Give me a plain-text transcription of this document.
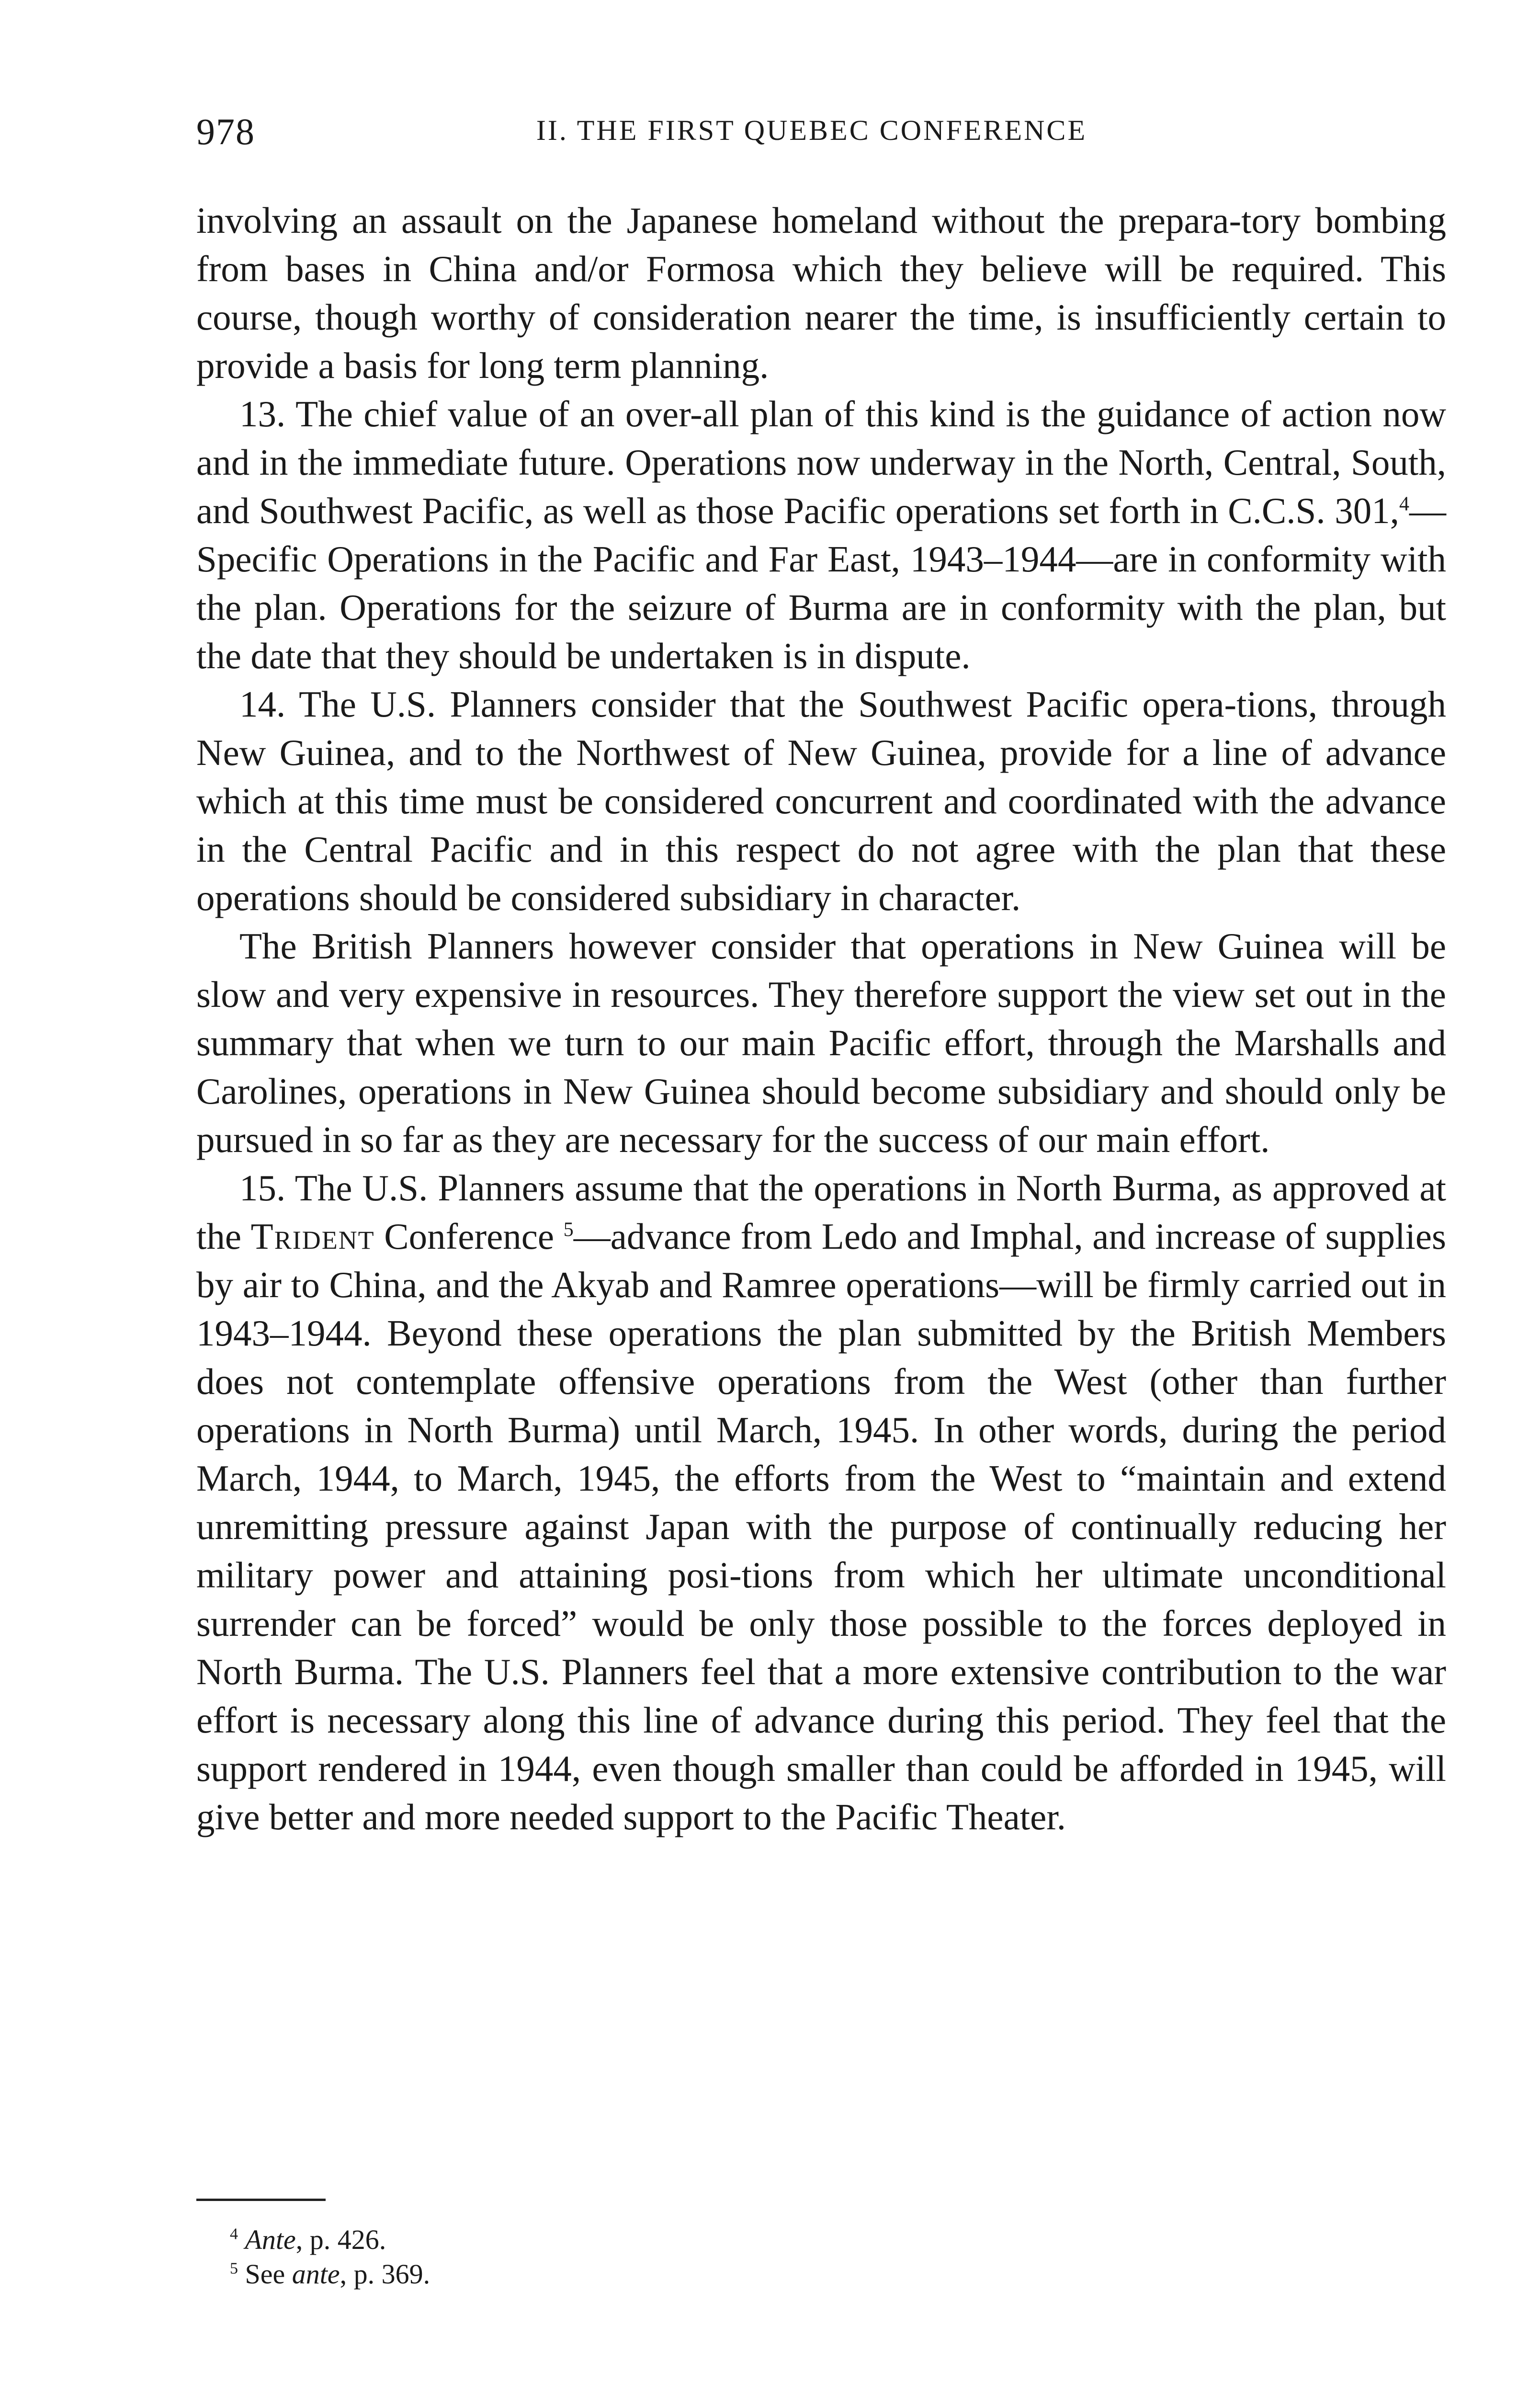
978	II. THE FIRST QUEBEC CONFERENCE

involving an assault on the Japanese homeland without the prepara-tory bombing from bases in China and/or Formosa which they believe will be required. This course, though worthy of consideration nearer the time, is insufficiently certain to provide a basis for long term planning.

13. The chief value of an over-all plan of this kind is the guidance of action now and in the immediate future. Operations now underway in the North, Central, South, and Southwest Pacific, as well as those Pacific operations set forth in C.C.S. 301,$^4$—Specific Operations in the Pacific and Far East, 1943–1944—are in conformity with the plan. Operations for the seizure of Burma are in conformity with the plan, but the date that they should be undertaken is in dispute.

14. The U.S. Planners consider that the Southwest Pacific opera-tions, through New Guinea, and to the Northwest of New Guinea, provide for a line of advance which at this time must be considered concurrent and coordinated with the advance in the Central Pacific and in this respect do not agree with the plan that these operations should be considered subsidiary in character.

The British Planners however consider that operations in New Guinea will be slow and very expensive in resources. They therefore support the view set out in the summary that when we turn to our main Pacific effort, through the Marshalls and Carolines, operations in New Guinea should become subsidiary and should only be pursued in so far as they are necessary for the success of our main effort.

15. The U.S. Planners assume that the operations in North Burma, as approved at the Trident Conference $^5$—advance from Ledo and Imphal, and increase of supplies by air to China, and the Akyab and Ramree operations—will be firmly carried out in 1943–1944. Beyond these operations the plan submitted by the British Members does not contemplate offensive operations from the West (other than further operations in North Burma) until March, 1945. In other words, during the period March, 1944, to March, 1945, the efforts from the West to “maintain and extend unremitting pressure against Japan with the purpose of continually reducing her military power and attaining posi-tions from which her ultimate unconditional surrender can be forced” would be only those possible to the forces deployed in North Burma. The U.S. Planners feel that a more extensive contribution to the war effort is necessary along this line of advance during this period. They feel that the support rendered in 1944, even though smaller than could be afforded in 1945, will give better and more needed support to the Pacific Theater.

$^4$ Ante, p. 426.

$^5$ See ante, p. 369.
